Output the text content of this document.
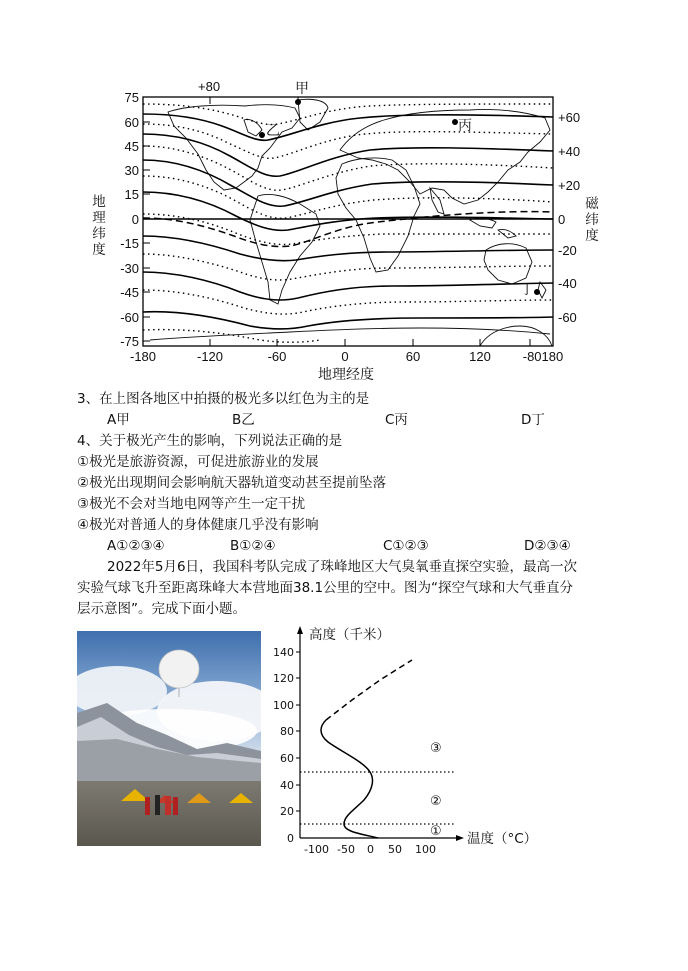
+80	甲
乙	丙
丁
75
60
45
30
15
0
-15
-30
-45
-60
-75
地
理
纬
度
+60
+40
+20
0
-20
-40
-60
磁
纬
度
-180	-120	-60	0	60	120	-80180
地理经度
3、在上图各地区中拍摄的极光多以红色为主的是
A甲	B乙	C丙	D丁
4、关于极光产生的影响，下列说法正确的是
①极光是旅游资源，可促进旅游业的发展
②极光出现期间会影响航天器轨道变动甚至提前坠落
③极光不会对当地电网等产生一定干扰
④极光对普通人的身体健康几乎没有影响
A①②③④	B①②④	C①②③	D②③④
2022年5月6日，我国科考队完成了珠峰地区大气臭氧垂直探空实验，最高一次
实验气球飞升至距离珠峰大本营地面38.1公里的空中。图为“探空气球和大气垂直分
层示意图”。完成下面小题。
高度（千米）
140
120
100
80
60
40
20
0
③
②
①
-100 -50 0 50 100
温度（°C）
